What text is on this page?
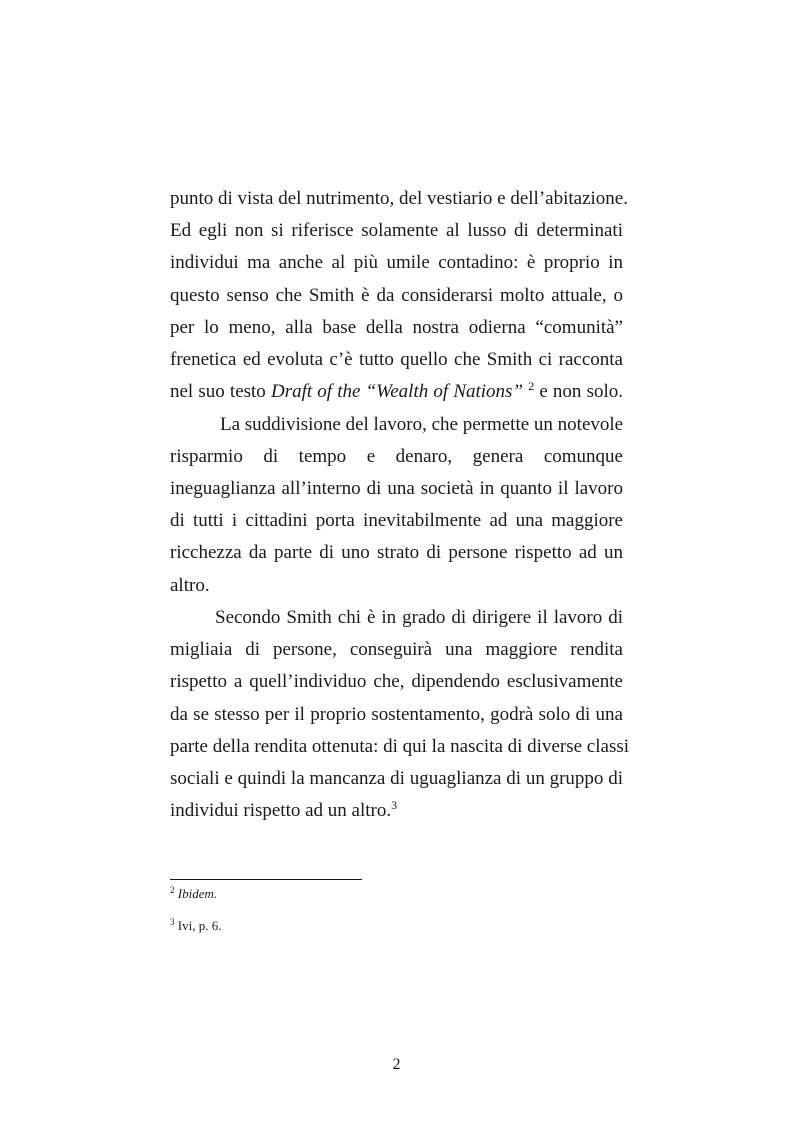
punto di vista del nutrimento, del vestiario e dell’abitazione.
Ed egli non si riferisce solamente al lusso di determinati
individui ma anche al più umile contadino: è proprio in
questo senso che Smith è da considerarsi molto attuale, o
per lo meno, alla base della nostra odierna “comunità”
frenetica ed evoluta c’è tutto quello che Smith ci racconta
nel suo testo Draft of the “Wealth of Nations” $^2$ e non solo.
La suddivisione del lavoro, che permette un notevole
risparmio di tempo e denaro, genera comunque
ineguaglianza all’interno di una società in quanto il lavoro
di tutti i cittadini porta inevitabilmente ad una maggiore
ricchezza da parte di uno strato di persone rispetto ad un
altro.
Secondo Smith chi è in grado di dirigere il lavoro di
migliaia di persone, conseguirà una maggiore rendita
rispetto a quell’individuo che, dipendendo esclusivamente
da se stesso per il proprio sostentamento, godrà solo di una
parte della rendita ottenuta: di qui la nascita di diverse classi
sociali e quindi la mancanza di uguaglianza di un gruppo di
individui rispetto ad un altro.$^3$
$^2$ Ibidem.
$^3$ Ivi, p. 6.
2
